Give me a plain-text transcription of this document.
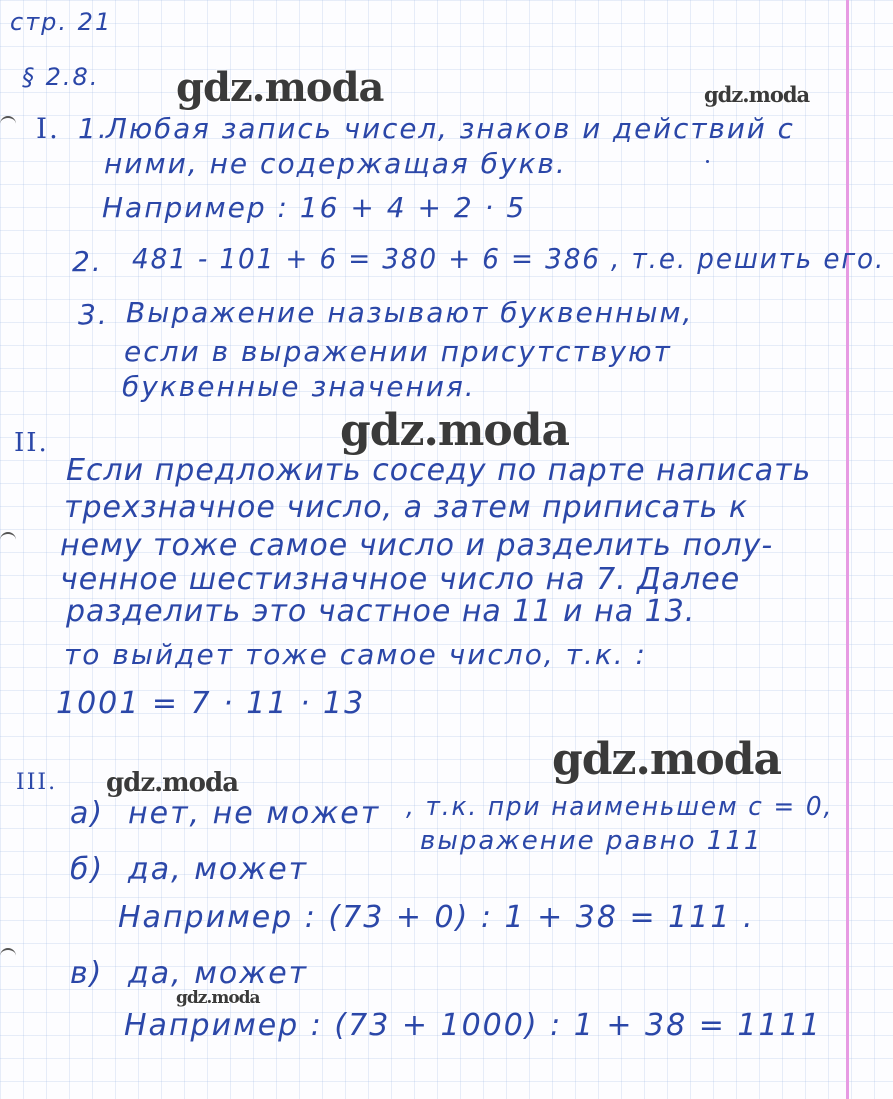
стр. 21
§ 2.8. gdz.moda	gdz.moda
gdz.moda
gdz.moda
gdz.moda
gdz.moda
I. 1.
Любая запись чисел, знаков и действий с
ними, не содержащая букв.
Например : 16 + 4 + 2 · 5
2. 481 - 101 + 6 = 380 + 6 = 386 , т.е. решить его.
3. Выражение называют буквенным,
если в выражении присутствуют
буквенные значения.
II.
Если предложить соседу по парте написать
трехзначное число, а затем приписать к
нему тоже самое число и разделить полу-
ченное шестизначное число на 7. Далее
разделить это частное на 11 и на 13.
то выйдет тоже самое число, т.к. :
1001 = 7 · 11 · 13
III.
а) нет, не может , т.к. при наименьшем с = 0,
выражение равно 111
б) да, может
Например : (73 + 0) : 1 + 38 = 111 .
в) да, может
Например : (73 + 1000) : 1 + 38 = 1111
